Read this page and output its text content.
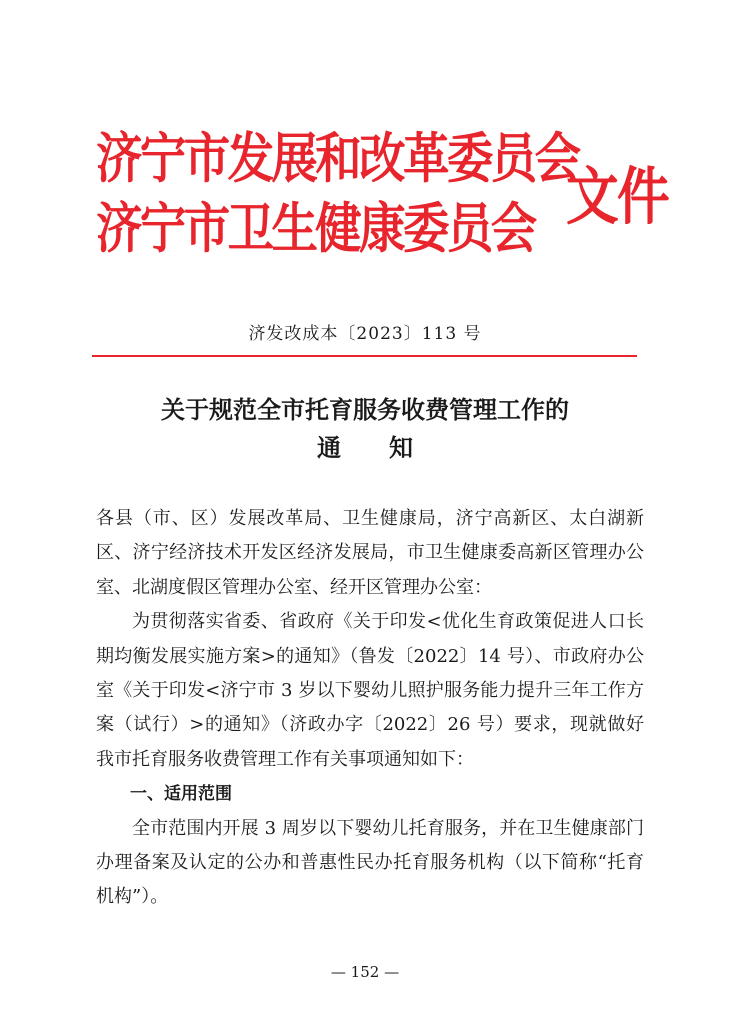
济宁市发展和改革委员会
济宁市卫生健康委员会 文件
济发改成本〔2023〕113 号
关于规范全市托育服务收费管理工作的
通知

各县（市、区）发展改革局、卫生健康局，济宁高新区、太白湖新区、济宁经济技术开发区经济发展局，市卫生健康委高新区管理办公室、北湖度假区管理办公室、经开区管理办公室：

为贯彻落实省委、省政府《关于印发<优化生育政策促进人口长期均衡发展实施方案>的通知》（鲁发〔2022〕14 号）、市政府办公室《关于印发<济宁市 3 岁以下婴幼儿照护服务能力提升三年工作方案（试行）>的通知》（济政办字〔2022〕26 号）要求，现就做好我市托育服务收费管理工作有关事项通知如下：

一、适用范围

全市范围内开展 3 周岁以下婴幼儿托育服务，并在卫生健康部门办理备案及认定的公办和普惠性民办托育服务机构（以下简称“托育机构”）。

— 152 —
